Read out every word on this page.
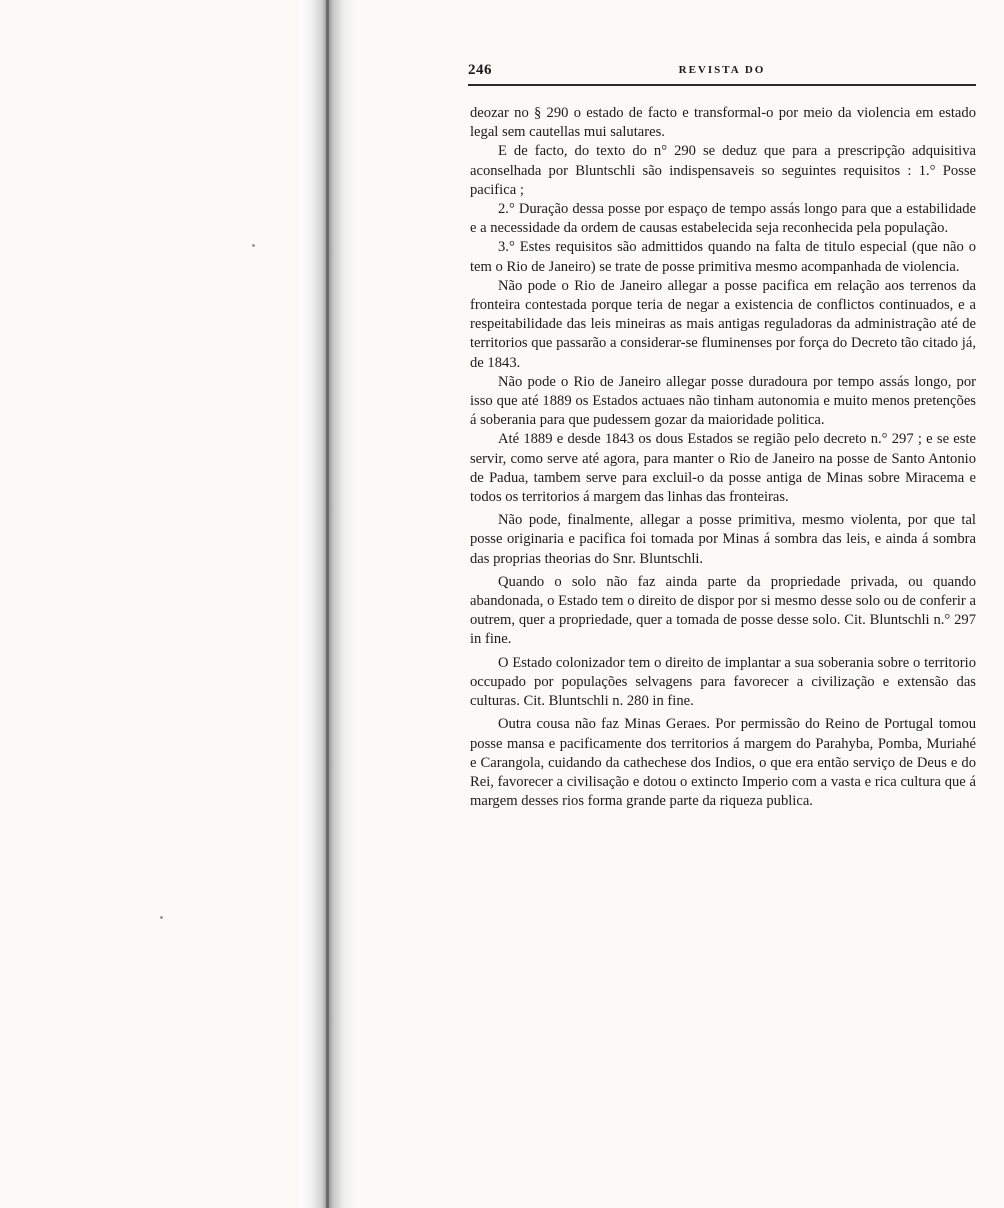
246	REVISTA DO

deozar no § 290 o estado de facto e transformal-o por meio da violencia em estado legal sem cautellas mui salutares.

E de facto, do texto do n° 290 se deduz que para a prescripção adquisitiva aconselhada por Bluntschli são indispensaveis so seguintes requisitos : 1.° Posse pacifica ;

2.° Duração dessa posse por espaço de tempo assás longo para que a estabilidade e a necessidade da ordem de causas estabelecida seja reconhecida pela população.

3.° Estes requisitos são admittidos quando na falta de titulo especial (que não o tem o Rio de Janeiro) se trate de posse primitiva mesmo acompanhada de violencia.

Não pode o Rio de Janeiro allegar a posse pacifica em relação aos terrenos da fronteira contestada porque teria de negar a existencia de conflictos continuados, e a respeitabilidade das leis mineiras as mais antigas reguladoras da administração até de territorios que passarão a considerar-se fluminenses por força do Decreto tão citado já, de 1843.

Não pode o Rio de Janeiro allegar posse duradoura por tempo assás longo, por isso que até 1889 os Estados actuaes não tinham autonomia e muito menos pretenções á soberania para que pudessem gozar da maioridade politica.

Até 1889 e desde 1843 os dous Estados se região pelo decreto n.° 297 ; e se este servir, como serve até agora, para manter o Rio de Janeiro na posse de Santo Antonio de Padua, tambem serve para excluil-o da posse antiga de Minas sobre Miracema e todos os territorios á margem das linhas das fronteiras.

Não pode, finalmente, allegar a posse primitiva, mesmo violenta, por que tal posse originaria e pacifica foi tomada por Minas á sombra das leis, e ainda á sombra das proprias theorias do Snr. Bluntschli.

Quando o solo não faz ainda parte da propriedade privada, ou quando abandonada, o Estado tem o direito de dispor por si mesmo desse solo ou de conferir a outrem, quer a propriedade, quer a tomada de posse desse solo. Cit. Bluntschli n.° 297 in fine.

O Estado colonizador tem o direito de implantar a sua soberania sobre o territorio occupado por populações selvagens para favorecer a civilização e extensão das culturas. Cit. Bluntschli n. 280 in fine.

Outra cousa não faz Minas Geraes. Por permissão do Reino de Portugal tomou posse mansa e pacificamente dos territorios á margem do Parahyba, Pomba, Muriahé e Carangola, cuidando da cathechese dos Indios, o que era então serviço de Deus e do Rei, favorecer a civilisação e dotou o extincto Imperio com a vasta e rica cultura que á margem desses rios forma grande parte da riqueza publica.
